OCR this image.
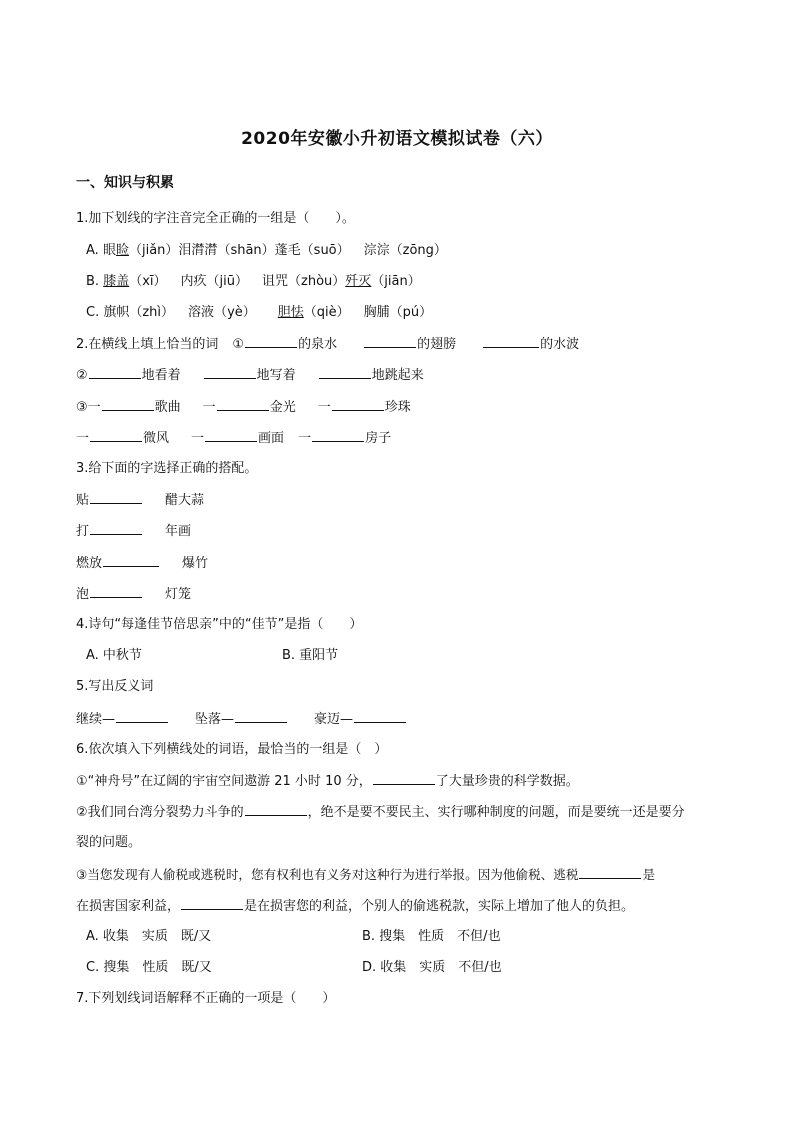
2020年安徽小升初语文模拟试卷（六）
一、知识与积累
1.加下划线的字注音完全正确的一组是（　　）。
A. 眼睑（jiǎn）泪潸潸（shān）蓬毛（suō） 淙淙（zōng）
B. 膝盖（xī） 内疚（jiū） 诅咒（zhòu）歼灭（jiān）
C. 旗帜（zhì） 溶液（yè） 胆怯（qiè） 胸脯（pú）
2.在横线上填上恰当的词 ①	的泉水	的翅膀	的水波
②	地看着	地写着	地跳起来
③一	歌曲 一	金光 一	珍珠
一	微风 一	画面 一	房子
3.给下面的字选择正确的搭配。
贴	醋大蒜
打	年画
燃放	爆竹
泡	灯笼
4.诗句“每逢佳节倍思亲”中的“佳节”是指（　　）
A. 中秋节	B. 重阳节
5.写出反义词
继续—	坠落—	豪迈—
6.依次填入下列横线处的词语，最恰当的一组是（　）
①“神舟号”在辽阔的宇宙空间遨游 21 小时 10 分，	了大量珍贵的科学数据。
②我们同台湾分裂势力斗争的	，绝不是要不要民主、实行哪种制度的问题，而是要统一还是要分
裂的问题。
③当您发现有人偷税或逃税时，您有权利也有义务对这种行为进行举报。因为他偷税、逃税	是
在损害国家利益，	是在损害您的利益，个别人的偷逃税款，实际上增加了他人的负担。
A. 收集　实质　既/又	B. 搜集　性质　不但/也
C. 搜集　性质　既/又	D. 收集　实质　不但/也
7.下列划线词语解释不正确的一项是（　　）
